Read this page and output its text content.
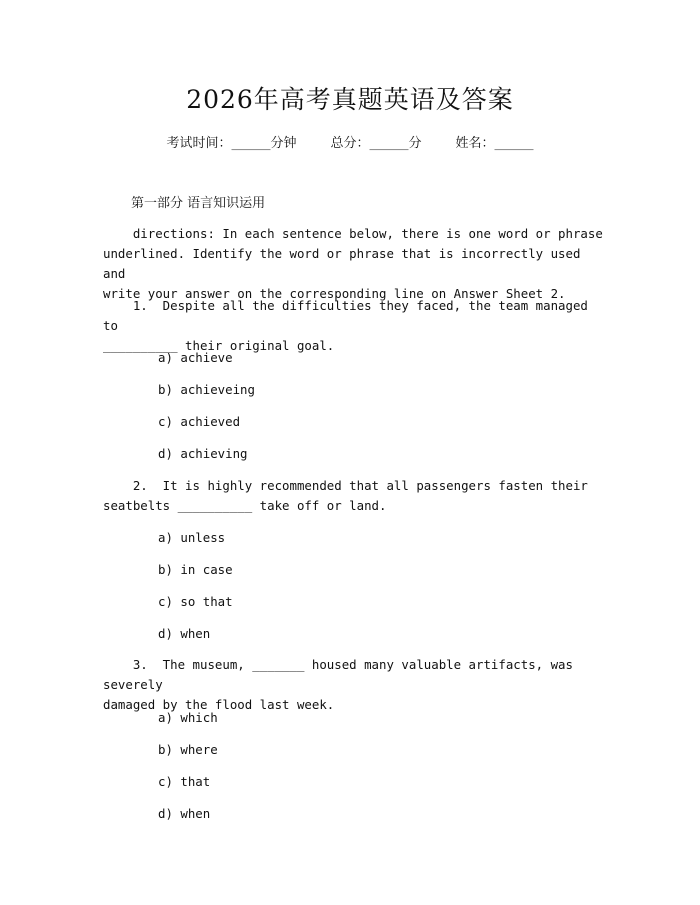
2026年高考真题英语及答案
考试时间：______分钟	总分：______分	姓名：______
第一部分 语言知识运用
directions: In each sentence below, there is one word or phrase
underlined. Identify the word or phrase that is incorrectly used and
write your answer on the corresponding line on Answer Sheet 2.
1.  Despite all the difficulties they faced, the team managed to
__________ their original goal.
a) achieve
b) achieveing
c) achieved
d) achieving
2.  It is highly recommended that all passengers fasten their
seatbelts __________ take off or land.
a) unless
b) in case
c) so that
d) when
3.  The museum, _______ housed many valuable artifacts, was severely
damaged by the flood last week.
a) which
b) where
c) that
d) when
